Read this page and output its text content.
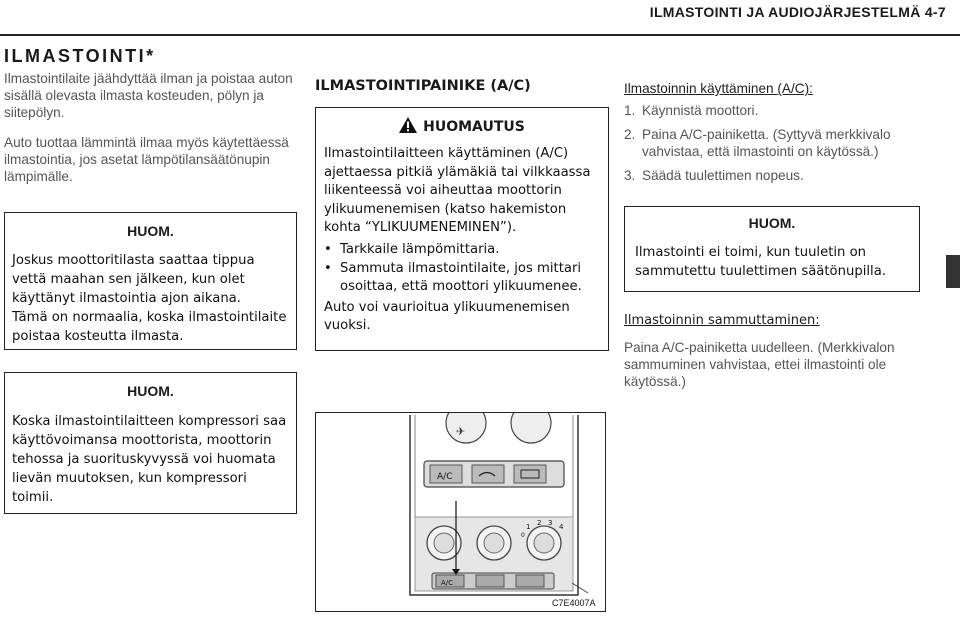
ILMASTOINTI JA AUDIOJÄRJESTELMÄ 4-7
ILMASTOINTI*

Ilmastointilaite jäähdyttää ilman ja poistaa auton sisällä olevasta ilmasta kosteuden, pölyn ja siitepölyn.

Auto tuottaa lämmintä ilmaa myös käytettäessä ilmastointia, jos asetat lämpötilansäätönupin lämpimälle.

HUOM.

Joskus moottoritilasta saattaa tippua vettä maahan sen jälkeen, kun olet käyttänyt ilmastointia ajon aikana.

Tämä on normaalia, koska ilmastointilaite poistaa kosteutta ilmasta.

HUOM.
Koska ilmastointilaitteen kompressori saa käyttövoimansa moottorista, moottorin tehossa ja suorituskyvyssä voi huomata lievän muutoksen, kun kompressori toimii.
ILMASTOINTIPAINIKE (A/C)
HUOMAUTUS

Ilmastointilaitteen käyttäminen (A/C) ajettaessa pitkiä ylämäkiä tai vilkkaassa liikenteessä voi aiheuttaa moottorin ylikuumenemisen (katso hakemiston kohta “YLIKUUMENEMINEN”).

• Tarkkaile lämpömittaria.
• Sammuta ilmastointilaite, jos mittari osoittaa, että moottori ylikuumenee.

Auto voi vaurioitua ylikuumenemisen vuoksi.

✈
A/C
1 2 3 4
0
A/C
C7E4007A

Ilmastoinnin käyttäminen (A/C):

1. Käynnistä moottori.
2. Paina A/C-painiketta. (Syttyvä merkkivalo vahvistaa, että ilmastointi on käytössä.)
3. Säädä tuulettimen nopeus.
HUOM.
Ilmastointi ei toimi, kun tuuletin on sammutettu tuulettimen säätönupilla.

Ilmastoinnin sammuttaminen:

Paina A/C-painiketta uudelleen. (Merkkivalon sammuminen vahvistaa, ettei ilmastointi ole käytössä.)
